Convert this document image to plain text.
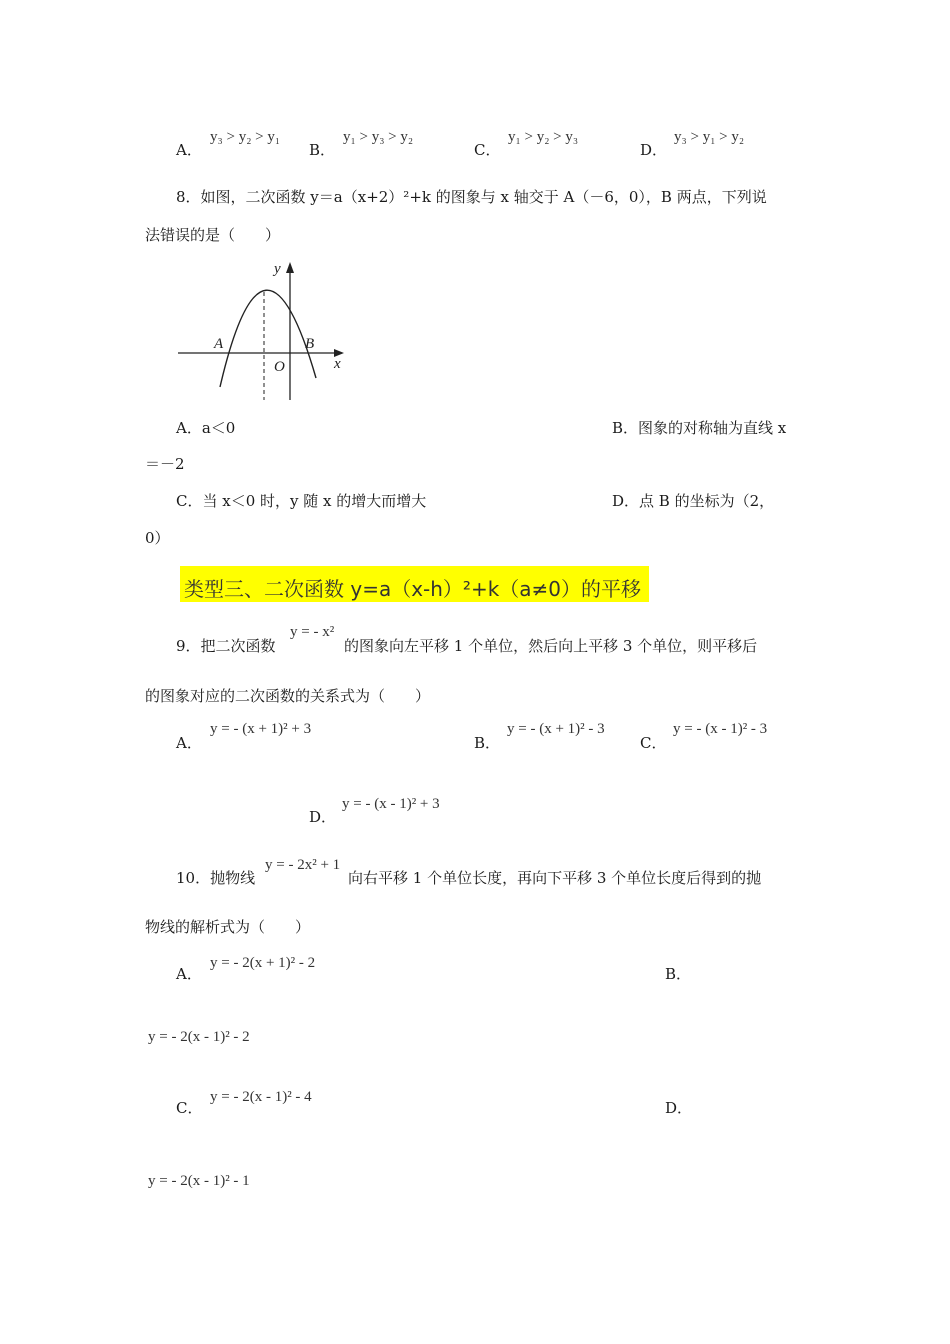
A．
y₃ > y₂ > y₁
B．
y₁ > y₃ > y₂
C．
y₁ > y₂ > y₃
D．
y₃ > y₁ > y₂
8．如图，二次函数 y＝a（x+2）²+k 的图象与 x 轴交于 A（－6，0），B 两点，下列说
法错误的是（　　）
y
x
A
O
B
A．a＜0	B．图象的对称轴为直线 x
＝－2
C．当 x＜0 时，y 随 x 的增大而增大	D．点 B 的坐标为（2，
0）
类型三、二次函数 y=a（x-h）²+k（a≠0）的平移
9．把二次函数
y = - x²
的图象向左平移 1 个单位，然后向上平移 3 个单位，则平移后
的图象对应的二次函数的关系式为（　　）
A．
y = - (x + 1)² + 3
B．
y = - (x + 1)² - 3
C．
y = - (x - 1)² - 3
D．
y = - (x - 1)² + 3
10．抛物线
y = - 2x² + 1
向右平移 1 个单位长度，再向下平移 3 个单位长度后得到的抛
物线的解析式为（　　）
A．
y = - 2(x + 1)² - 2
B．
y = - 2(x - 1)² - 2
C．
y = - 2(x - 1)² - 4
D．
y = - 2(x - 1)² - 1
